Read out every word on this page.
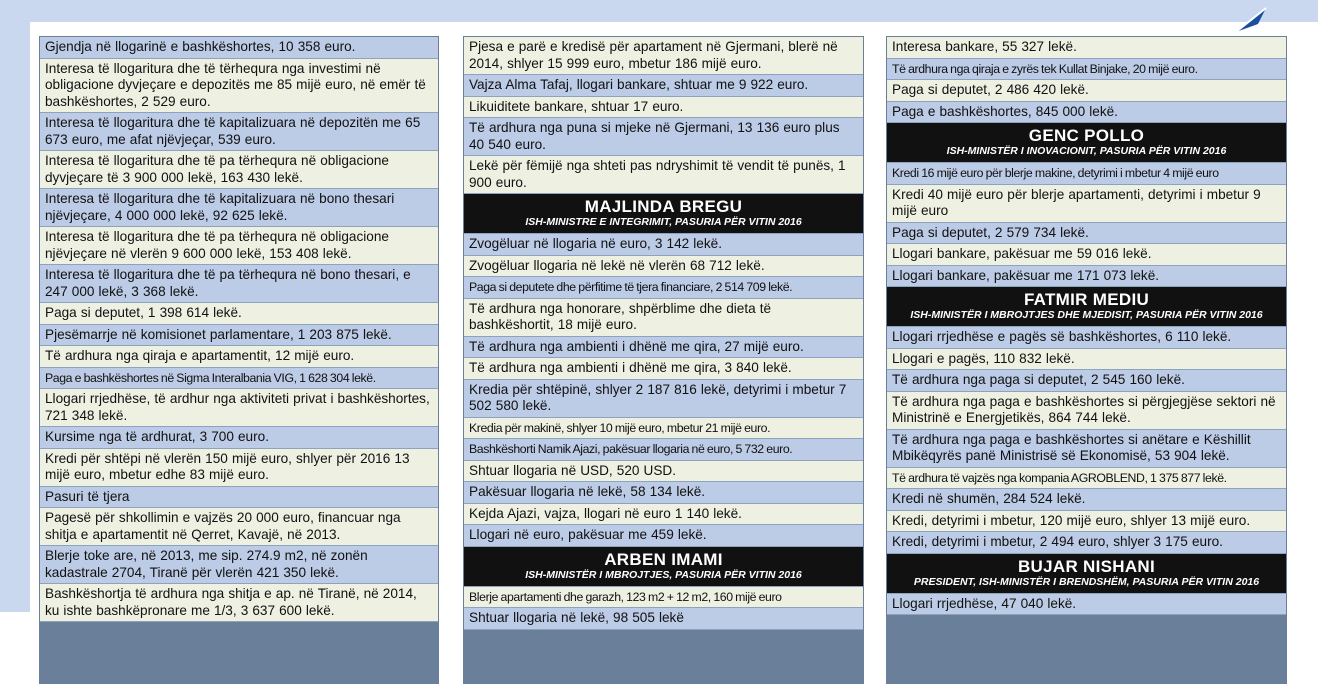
Gjendja në llogarinë e bashkëshortes, 10 358 euro.
Interesa të llogaritura dhe të tërhequra nga investimi në obligacione dyvjeçare e depozitës me 85 mijë euro, në emër të bashkëshortes, 2 529 euro.
Interesa të llogaritura dhe të kapitalizuara në depozitën me 65 673 euro, me afat njëvjeçar, 539 euro.
Interesa të llogaritura dhe të pa tërhequra në obligacione dyvjeçare të 3 900 000 lekë, 163 430 lekë.
Interesa të llogaritura dhe të kapitalizuara në bono thesari njëvjeçare, 4 000 000 lekë, 92 625 lekë.
Interesa të llogaritura dhe të pa tërhequra në obligacione njëvjeçare në vlerën 9 600 000 lekë, 153 408 lekë.
Interesa të llogaritura dhe të pa tërhequra në bono thesari, e 247 000 lekë, 3 368 lekë.
Paga si deputet, 1 398 614 lekë.
Pjesëmarrje në komisionet parlamentare, 1 203 875 lekë.
Të ardhura nga qiraja e apartamentit, 12 mijë euro.
Paga e bashkëshortes në Sigma Interalbania VIG, 1 628 304 lekë.
Llogari rrjedhëse, të ardhur nga aktiviteti privat i bashkëshortes, 721 348 lekë.
Kursime nga të ardhurat, 3 700 euro.
Kredi për shtëpi në vlerën 150 mijë euro, shlyer për 2016 13 mijë euro, mbetur edhe 83 mijë euro.
Pasuri të tjera
Pagesë për shkollimin e vajzës 20 000 euro, financuar nga shitja e apartamentit në Qerret, Kavajë, në 2013.
Blerje toke are, në 2013, me sip. 274.9 m2, në zonën kadastrale 2704, Tiranë për vlerën 421 350 lekë.
Bashkëshortja të ardhura nga shitja e ap. në Tiranë, në 2014, ku ishte bashkëpronare me 1/3, 3 637 600 lekë.
Pjesa e parë e kredisë për apartament në Gjermani, blerë në 2014, shlyer 15 999 euro, mbetur 186 mijë euro.
Vajza Alma Tafaj, llogari bankare, shtuar me 9 922 euro.
Likuiditete bankare, shtuar 17 euro.
Të ardhura nga puna si mjeke në Gjermani, 13 136 euro plus 40 540 euro.
Lekë për fëmijë nga shteti pas ndryshimit të vendit të punës, 1 900 euro.
MAJLINDA BREGU
ISH-MINISTRE E INTEGRIMIT, PASURIA PËR VITIN 2016
Zvogëluar në llogaria në euro, 3 142 lekë.
Zvogëluar llogaria në lekë në vlerën 68 712 lekë.
Paga si deputete dhe përfitime të tjera financiare, 2 514 709 lekë.
Të ardhura nga honorare, shpërblime dhe dieta të bashkëshortit, 18 mijë euro.
Të ardhura nga ambienti i dhënë me qira, 27 mijë euro.
Të ardhura nga ambienti i dhënë me qira, 3 840 lekë.
Kredia për shtëpinë, shlyer 2 187 816 lekë, detyrimi i mbetur 7 502 580 lekë.
Kredia për makinë, shlyer 10 mijë euro, mbetur 21 mijë euro.
Bashkëshorti Namik Ajazi, pakësuar llogaria në euro, 5 732 euro.
Shtuar llogaria në USD, 520 USD.
Pakësuar llogaria në lekë, 58 134 lekë.
Kejda Ajazi, vajza, llogari në euro 1 140 lekë.
Llogari në euro, pakësuar me 459 lekë.
ARBEN IMAMI
ISH-MINISTËR I MBROJTJES, PASURIA PËR VITIN 2016
Blerje apartamenti dhe garazh, 123 m2 + 12 m2, 160 mijë euro
Shtuar llogaria në lekë, 98 505 lekë
Interesa bankare, 55 327 lekë.
Të ardhura nga qiraja e zyrës tek Kullat Binjake, 20 mijë euro.
Paga si deputet, 2 486 420 lekë.
Paga e bashkëshortes, 845 000 lekë.
GENC POLLO
ISH-MINISTËR I INOVACIONIT, PASURIA PËR VITIN 2016
Kredi 16 mijë euro për blerje makine, detyrimi i mbetur 4 mijë euro
Kredi 40 mijë euro për blerje apartamenti, detyrimi i mbetur 9 mijë euro
Paga si deputet, 2 579 734 lekë.
Llogari bankare, pakësuar me 59 016 lekë.
Llogari bankare, pakësuar me 171 073 lekë.
FATMIR MEDIU
ISH-MINISTËR I MBROJTJES DHE MJEDISIT, PASURIA PËR VITIN 2016
Llogari rrjedhëse e pagës së bashkëshortes, 6 110 lekë.
Llogari e pagës, 110 832 lekë.
Të ardhura nga paga si deputet, 2 545 160 lekë.
Të ardhura nga paga e bashkëshortes si përgjegjëse sektori në Ministrinë e Energjetikës, 864 744 lekë.
Të ardhura nga paga e bashkëshortes si anëtare e Këshillit Mbikëqyrës panë Ministrisë së Ekonomisë, 53 904 lekë.
Të ardhura të vajzës nga kompania AGROBLEND, 1 375 877 lekë.
Kredi në shumën, 284 524 lekë.
Kredi, detyrimi i mbetur, 120 mijë euro, shlyer 13 mijë euro.
Kredi, detyrimi i mbetur, 2 494 euro, shlyer 3 175 euro.
BUJAR NISHANI
PRESIDENT, ISH-MINISTËR I BRENDSHËM, PASURIA PËR VITIN 2016
Llogari rrjedhëse, 47 040 lekë.
